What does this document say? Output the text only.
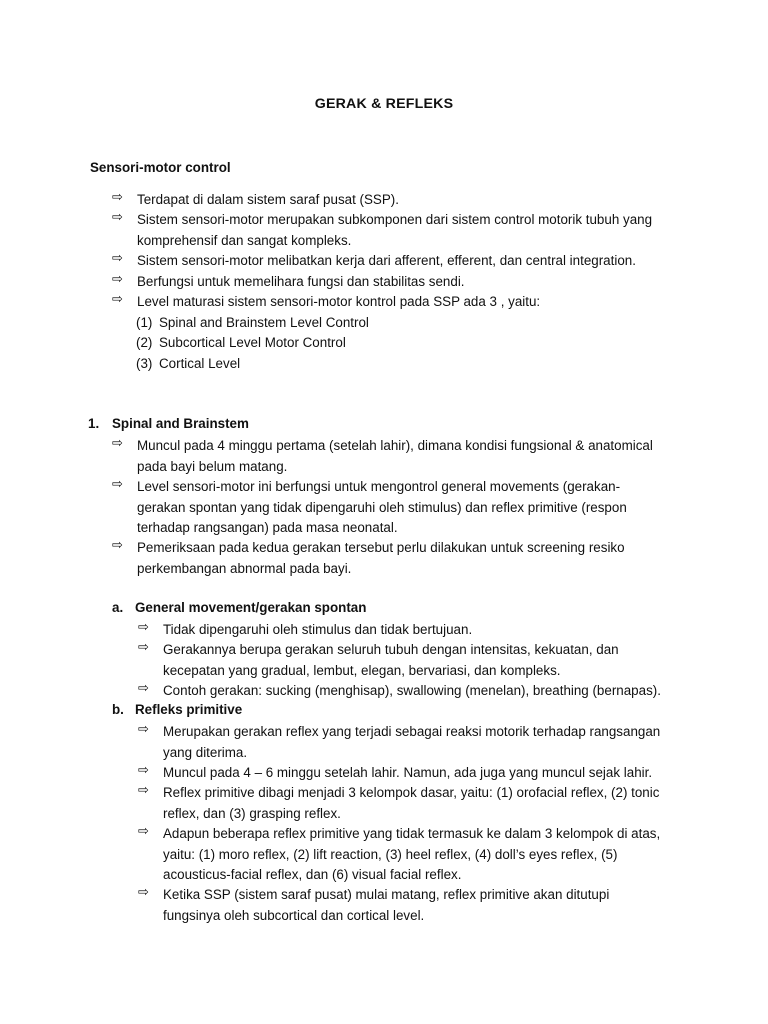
GERAK & REFLEKS
Sensori-motor control
⇨ Terdapat di dalam sistem saraf pusat (SSP).
⇨ Sistem sensori-motor merupakan subkomponen dari sistem control motorik tubuh yang
komprehensif dan sangat kompleks.
⇨ Sistem sensori-motor melibatkan kerja dari afferent, efferent, dan central integration.
⇨ Berfungsi untuk memelihara fungsi dan stabilitas sendi.
⇨ Level maturasi sistem sensori-motor kontrol pada SSP ada 3 , yaitu:
(1) Spinal and Brainstem Level Control
(2) Subcortical Level Motor Control
(3) Cortical Level
1. Spinal and Brainstem
⇨ Muncul pada 4 minggu pertama (setelah lahir), dimana kondisi fungsional & anatomical
pada bayi belum matang.
⇨ Level sensori-motor ini berfungsi untuk mengontrol general movements (gerakan-
gerakan spontan yang tidak dipengaruhi oleh stimulus) dan reflex primitive (respon
terhadap rangsangan) pada masa neonatal.
⇨ Pemeriksaan pada kedua gerakan tersebut perlu dilakukan untuk screening resiko
perkembangan abnormal pada bayi.
a. General movement/gerakan spontan
⇨ Tidak dipengaruhi oleh stimulus dan tidak bertujuan.
⇨ Gerakannya berupa gerakan seluruh tubuh dengan intensitas, kekuatan, dan
kecepatan yang gradual, lembut, elegan, bervariasi, dan kompleks.
⇨ Contoh gerakan: sucking (menghisap), swallowing (menelan), breathing (bernapas).
b. Refleks primitive
⇨ Merupakan gerakan reflex yang terjadi sebagai reaksi motorik terhadap rangsangan
yang diterima.
⇨ Muncul pada 4 – 6 minggu setelah lahir. Namun, ada juga yang muncul sejak lahir.
⇨ Reflex primitive dibagi menjadi 3 kelompok dasar, yaitu: (1) orofacial reflex, (2) tonic
reflex, dan (3) grasping reflex.
⇨ Adapun beberapa reflex primitive yang tidak termasuk ke dalam 3 kelompok di atas,
yaitu: (1) moro reflex, (2) lift reaction, (3) heel reflex, (4) doll’s eyes reflex, (5)
acousticus-facial reflex, dan (6) visual facial reflex.
⇨ Ketika SSP (sistem saraf pusat) mulai matang, reflex primitive akan ditutupi
fungsinya oleh subcortical dan cortical level.
